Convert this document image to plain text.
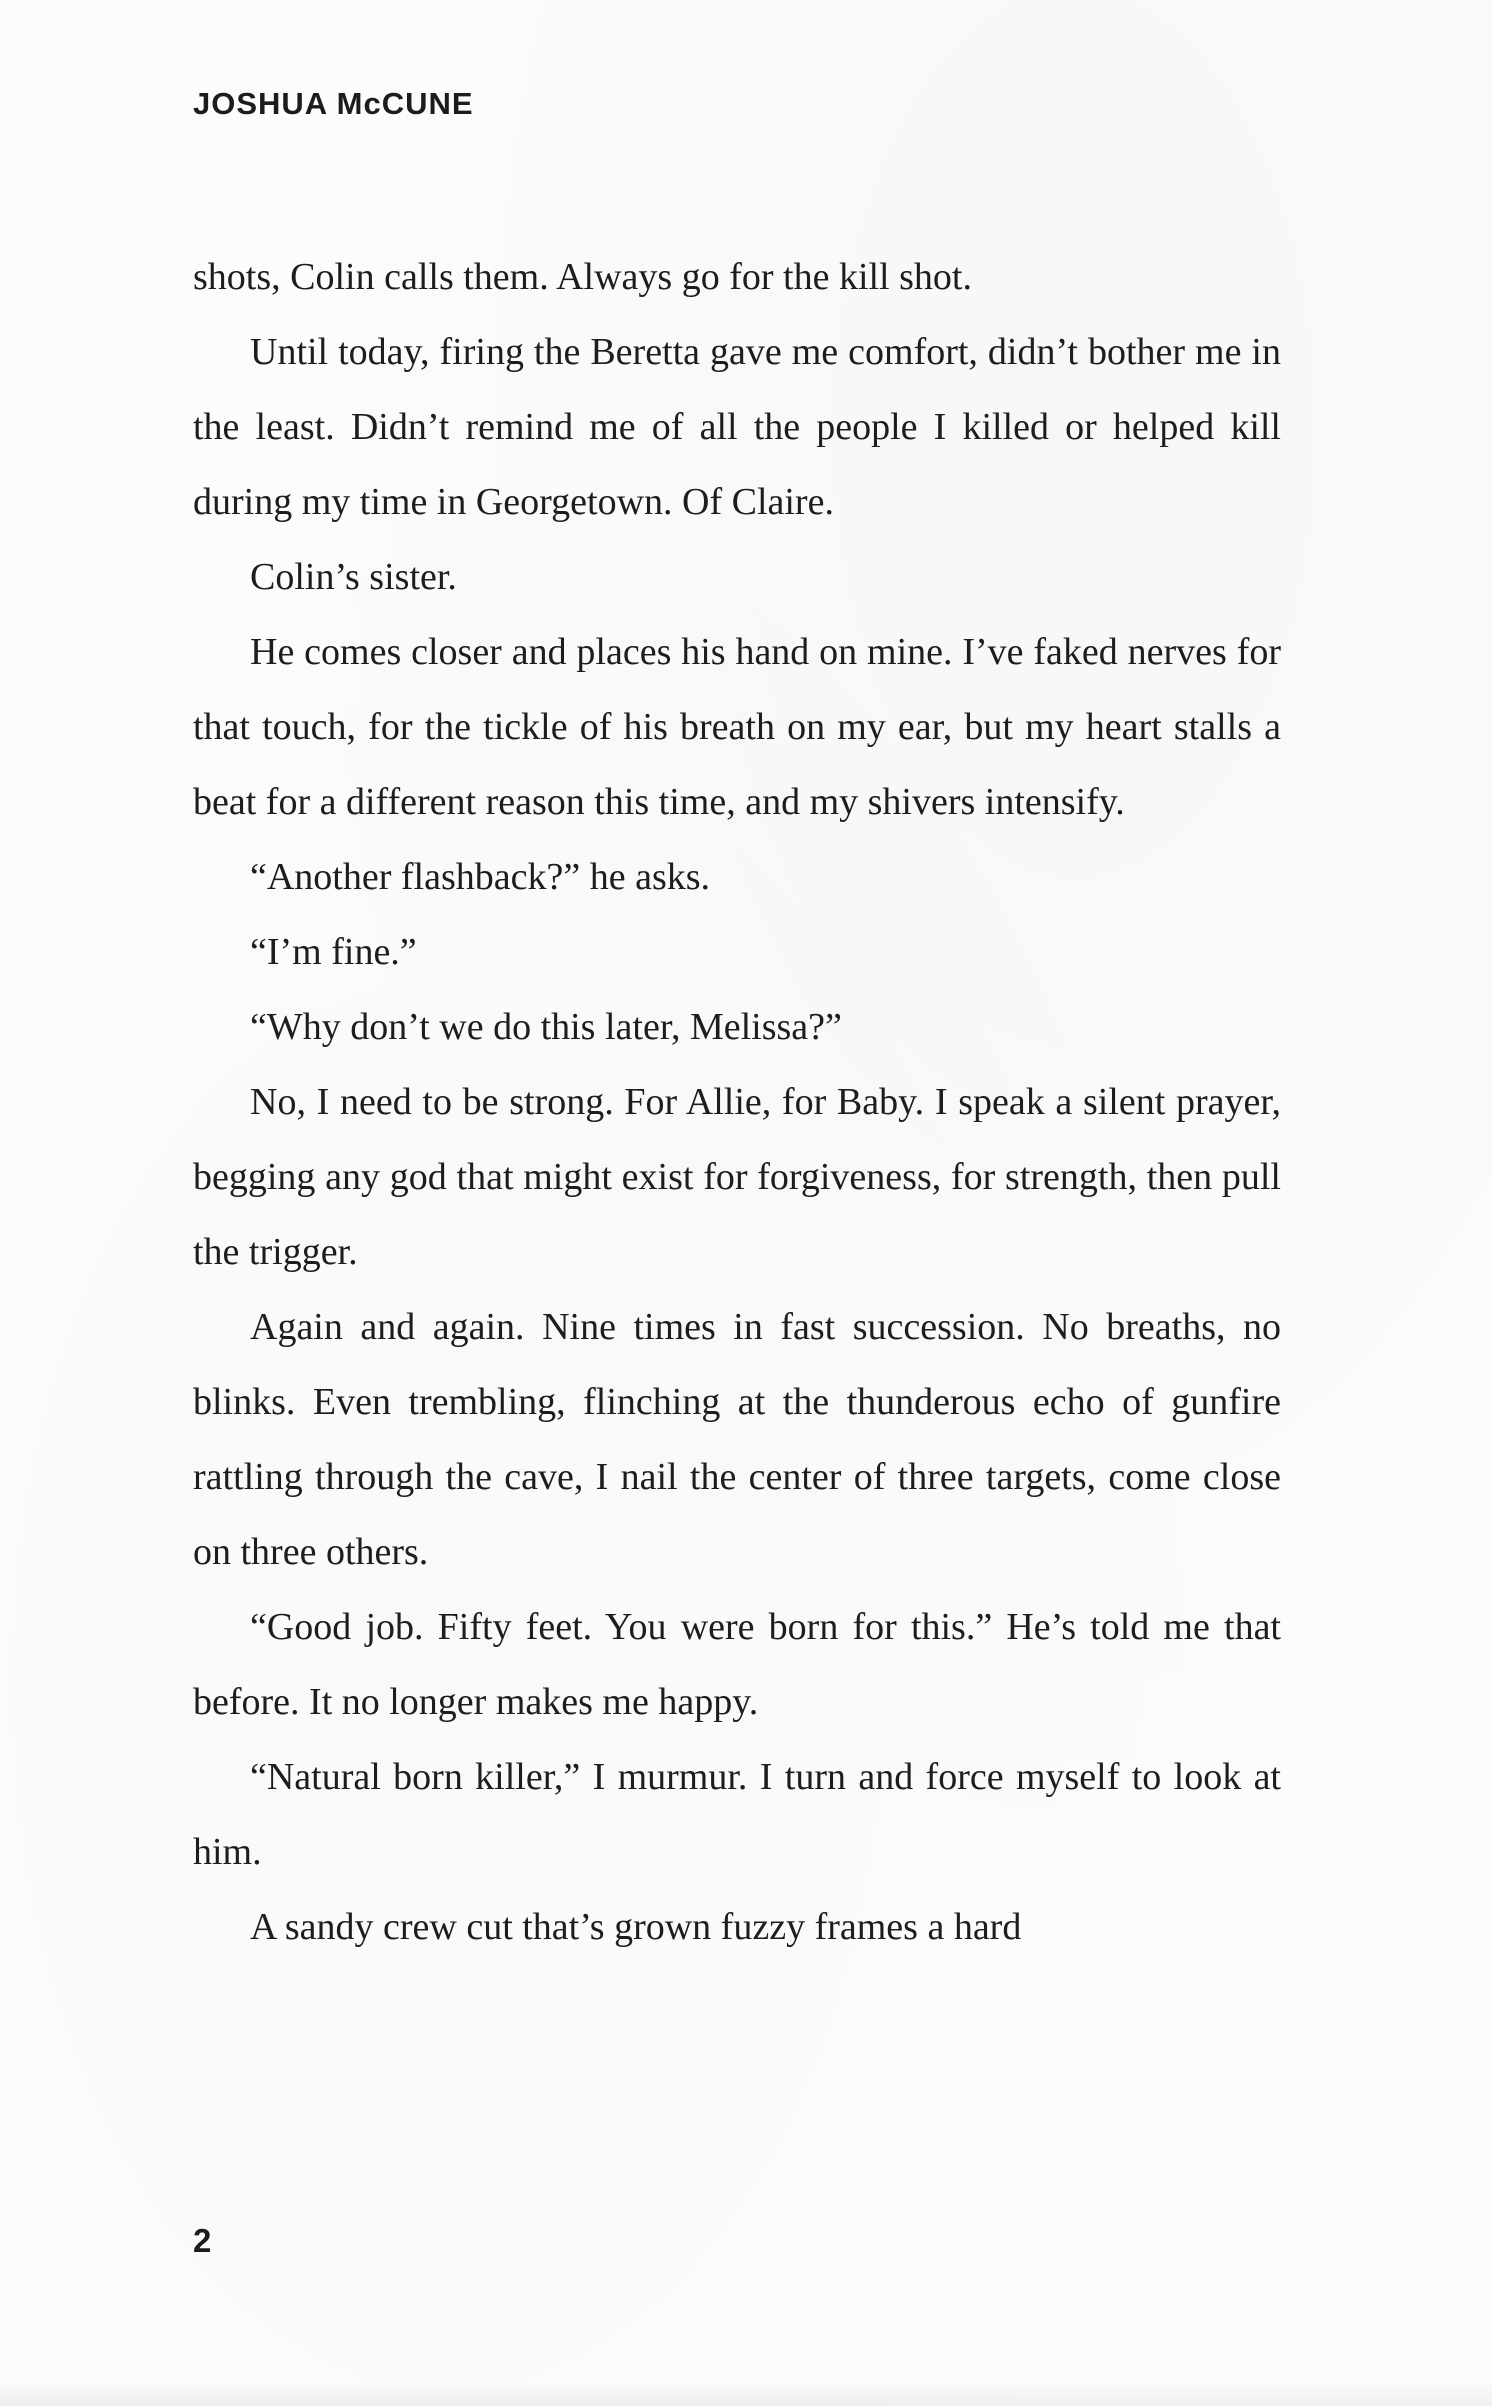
JOSHUA McCUNE

shots, Colin calls them. Always go for the kill shot.

Until today, firing the Beretta gave me comfort, didn’t bother me in the least. Didn’t remind me of all the people I killed or helped kill during my time in Georgetown. Of Claire.

Colin’s sister.

He comes closer and places his hand on mine. I’ve faked nerves for that touch, for the tickle of his breath on my ear, but my heart stalls a beat for a different reason this time, and my shivers intensify.

“Another flashback?” he asks.

“I’m fine.”

“Why don’t we do this later, Melissa?”

No, I need to be strong. For Allie, for Baby. I speak a silent prayer, begging any god that might exist for forgiveness, for strength, then pull the trigger.

Again and again. Nine times in fast succession. No breaths, no blinks. Even trembling, flinching at the thunderous echo of gunfire rattling through the cave, I nail the center of three targets, come close on three others.

“Good job. Fifty feet. You were born for this.” He’s told me that before. It no longer makes me happy.

“Natural born killer,” I murmur. I turn and force myself to look at him.

A sandy crew cut that’s grown fuzzy frames a hard

2
